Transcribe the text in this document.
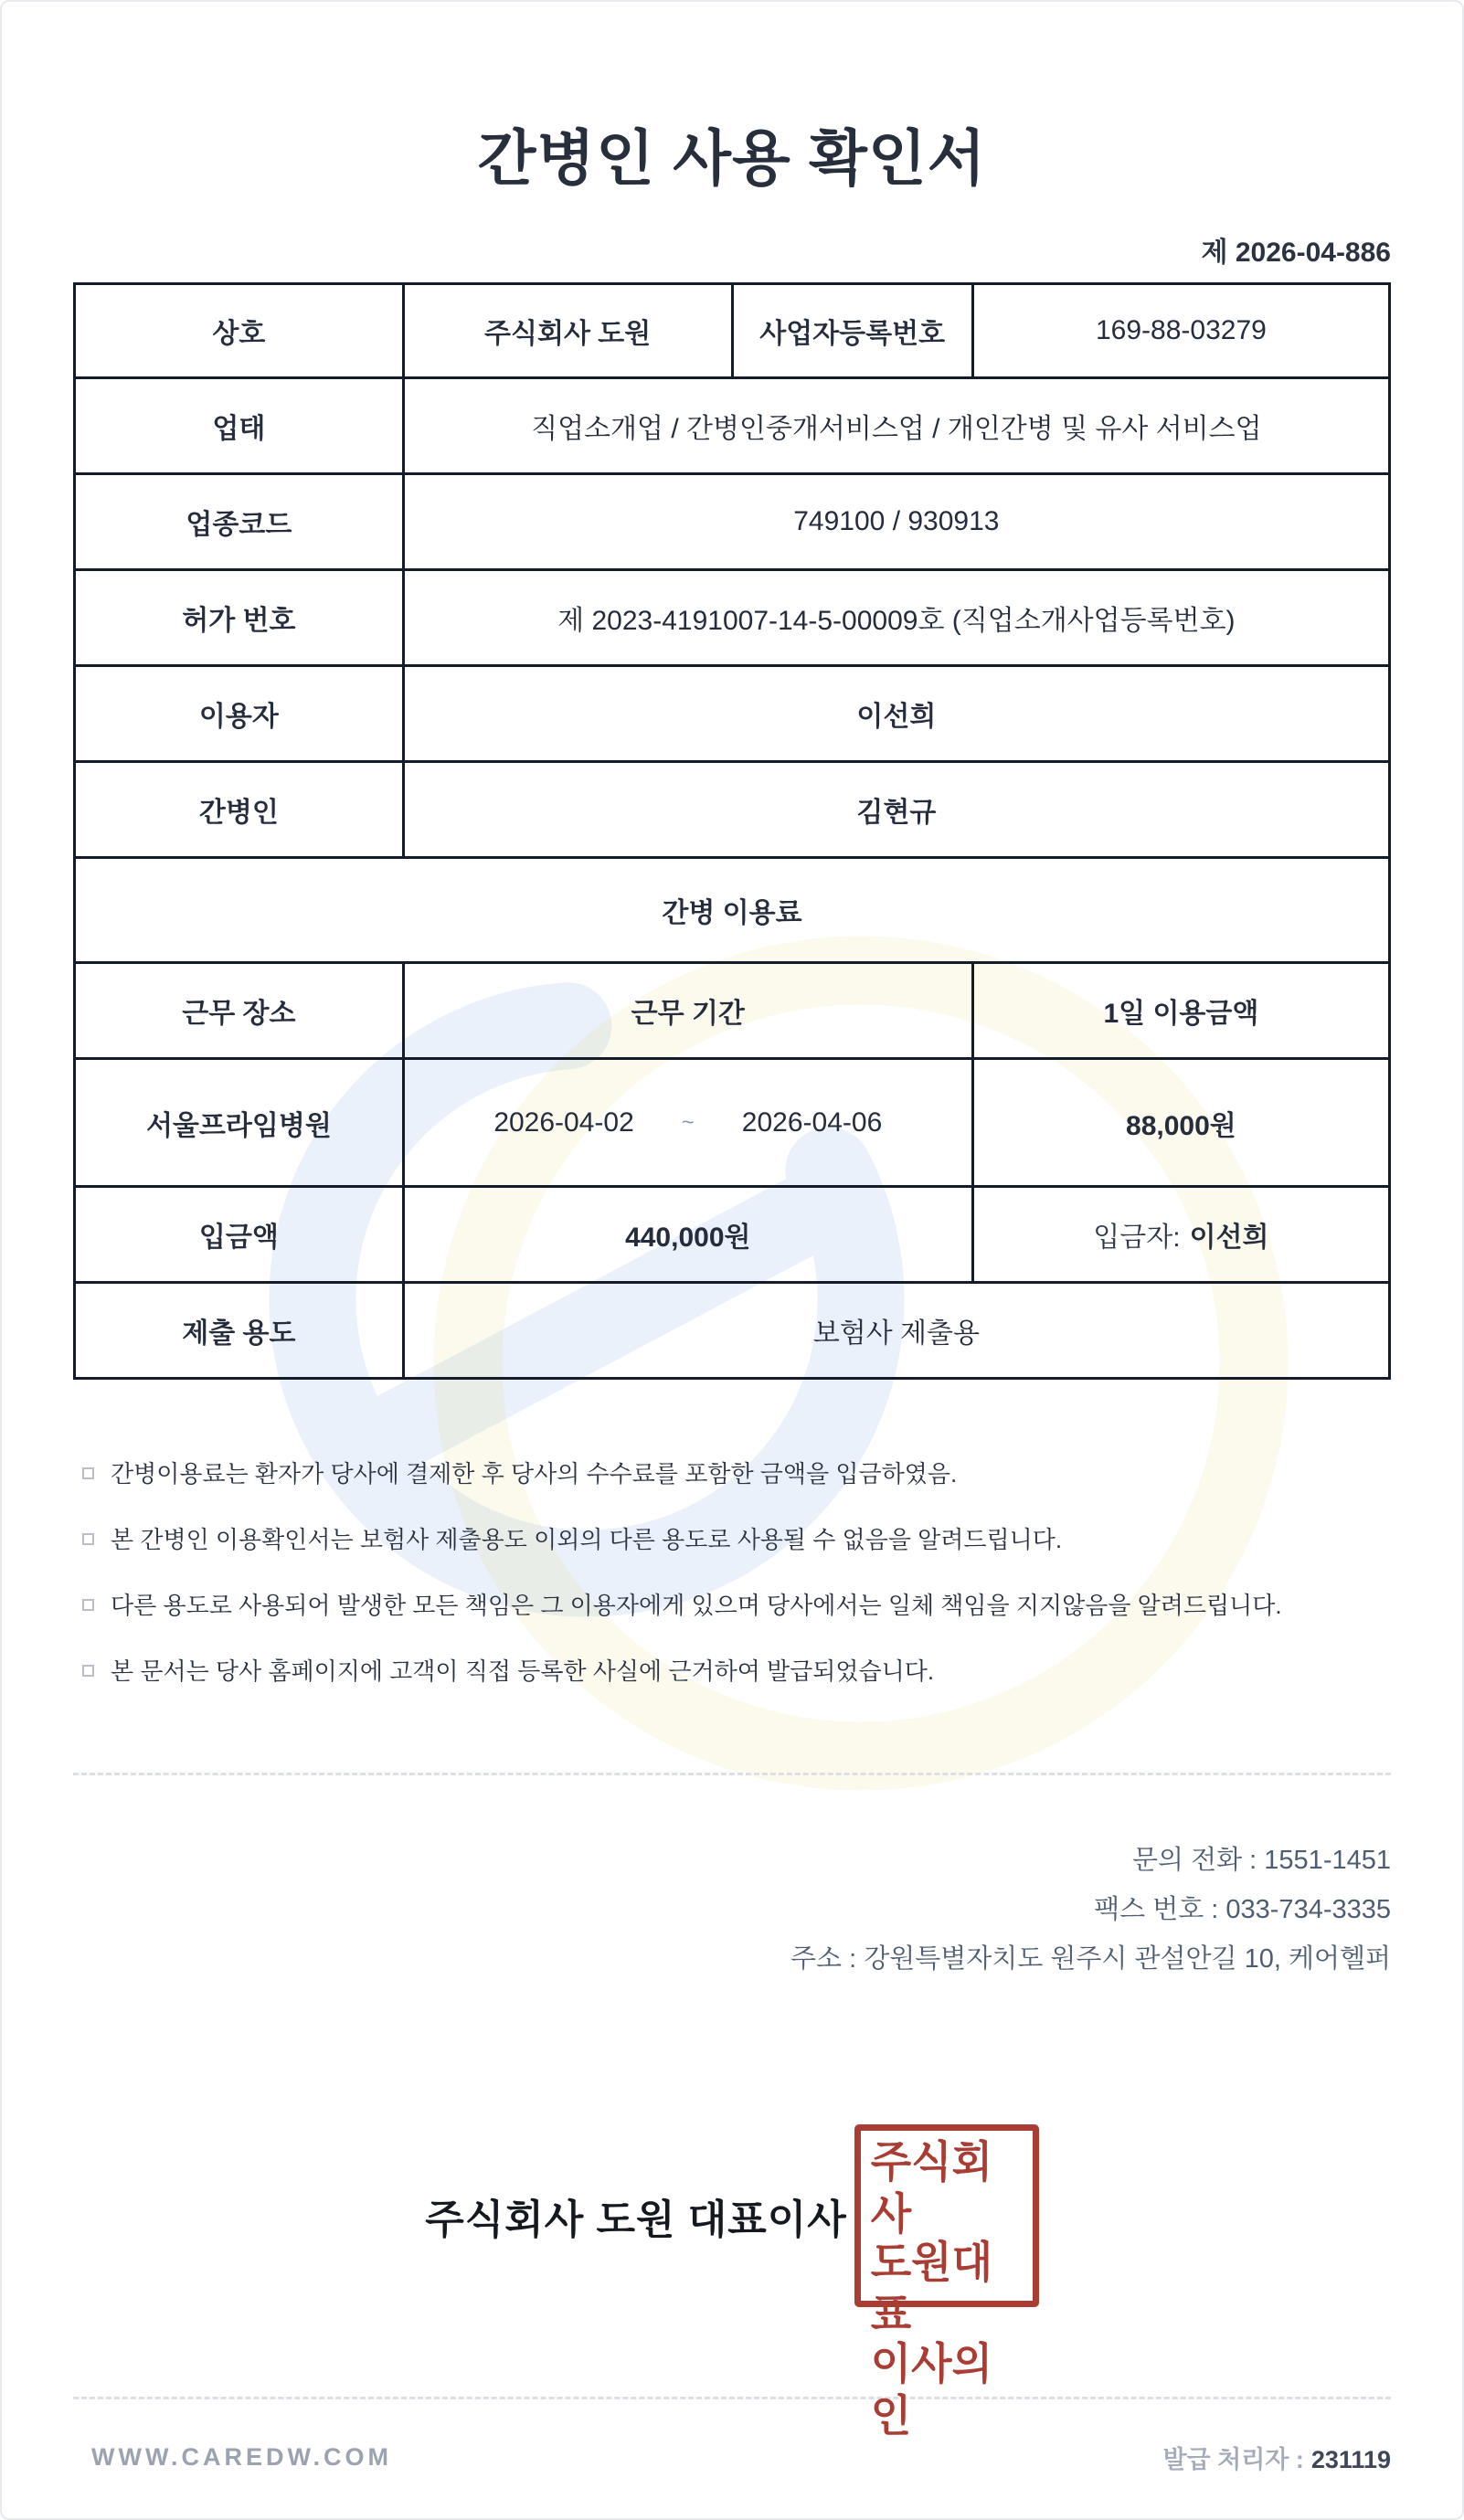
간병인 사용 확인서
제 2026-04-886
상호	주식회사 도원	사업자등록번호	169-88-03279
업태	직업소개업 / 간병인중개서비스업 / 개인간병 및 유사 서비스업		
업종코드	749100 / 930913		
허가 번호	제 2023-4191007-14-5-00009호 (직업소개사업등록번호)		
이용자	이선희		
간병인	김현규		
간병 이용료			
근무 장소	근무 기간		1일 이용금액
서울프라임병원	2026-04-02 ~ 2026-04-06		88,000원
입금액	440,000원		입금자: 이선희
제출 용도	보험사 제출용		
간병이용료는 환자가 당사에 결제한 후 당사의 수수료를 포함한 금액을 입금하였음.
본 간병인 이용확인서는 보험사 제출용도 이외의 다른 용도로 사용될 수 없음을 알려드립니다.
다른 용도로 사용되어 발생한 모든 책임은 그 이용자에게 있으며 당사에서는 일체 책임을 지지않음을 알려드립니다.
본 문서는 당사 홈페이지에 고객이 직접 등록한 사실에 근거하여 발급되었습니다.
문의 전화 : 1551-1451
팩스 번호 : 033-734-3335
주소 : 강원특별자치도 원주시 관설안길 10, 케어헬퍼
주식회사 도원 대표이사
주식회사
도원대표
이사의인
WWW.CAREDW.COM	발급 처리자 : 231119
